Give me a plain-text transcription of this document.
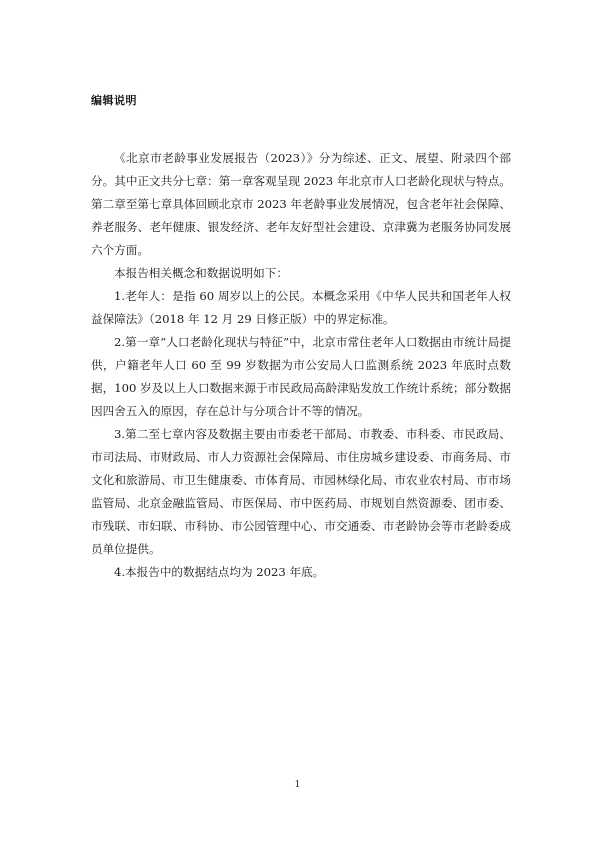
编辑说明

《北京市老龄事业发展报告（2023）》分为综述、正文、展望、附录四个部分。其中正文共分七章：第一章客观呈现 2023 年北京市人口老龄化现状与特点。第二章至第七章具体回顾北京市 2023 年老龄事业发展情况，包含老年社会保障、养老服务、老年健康、银发经济、老年友好型社会建设、京津冀为老服务协同发展六个方面。

本报告相关概念和数据说明如下：

1.老年人：是指 60 周岁以上的公民。本概念采用《中华人民共和国老年人权益保障法》（2018 年 12 月 29 日修正版）中的界定标准。

2.第一章“人口老龄化现状与特征”中，北京市常住老年人口数据由市统计局提供，户籍老年人口 60 至 99 岁数据为市公安局人口监测系统 2023 年底时点数据，100 岁及以上人口数据来源于市民政局高龄津贴发放工作统计系统；部分数据因四舍五入的原因，存在总计与分项合计不等的情况。

3.第二至七章内容及数据主要由市委老干部局、市教委、市科委、市民政局、市司法局、市财政局、市人力资源社会保障局、市住房城乡建设委、市商务局、市文化和旅游局、市卫生健康委、市体育局、市园林绿化局、市农业农村局、市市场监管局、北京金融监管局、市医保局、市中医药局、市规划自然资源委、团市委、市残联、市妇联、市科协、市公园管理中心、市交通委、市老龄协会等市老龄委成员单位提供。

4.本报告中的数据结点均为 2023 年底。

1
